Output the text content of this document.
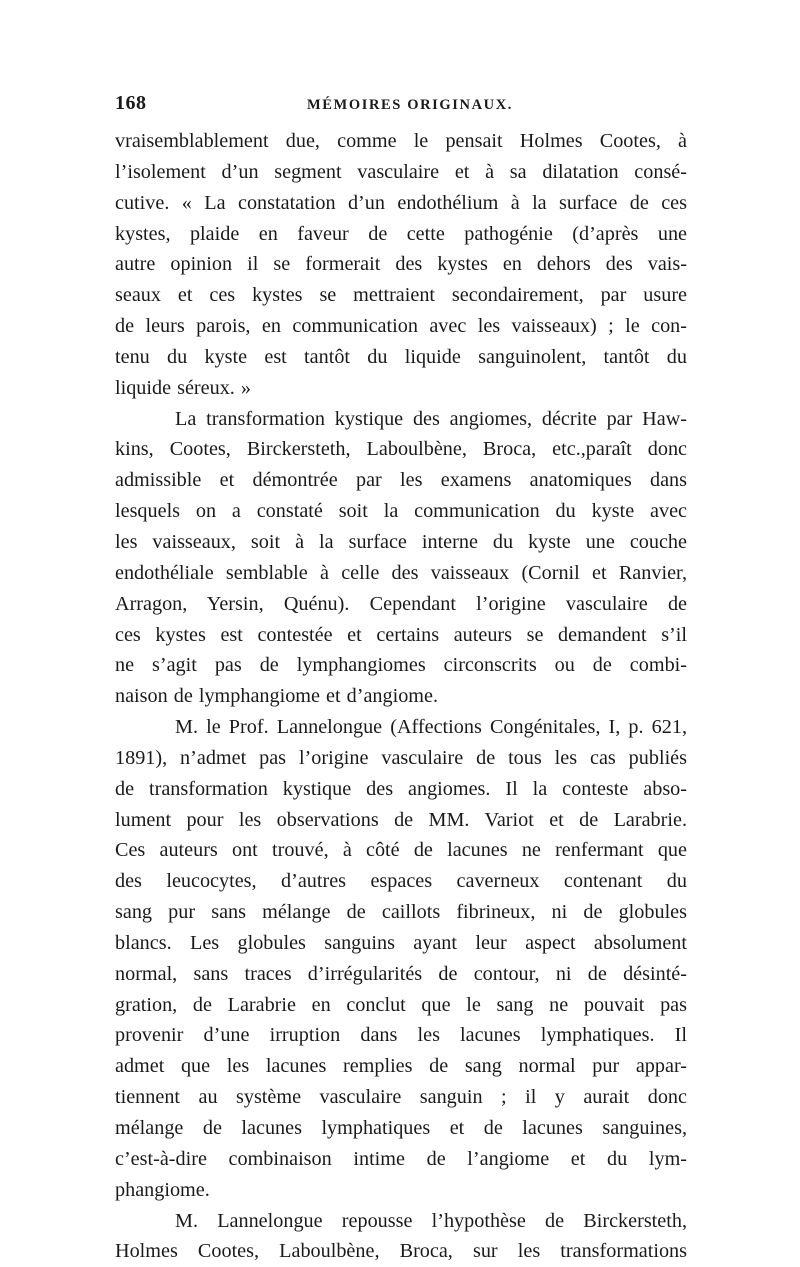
168	MÉMOIRES ORIGINAUX.

vraisemblablement due, comme le pensait Holmes Cootes, à

l’isolement d’un segment vasculaire et à sa dilatation consé-

cutive. « La constatation d’un endothélium à la surface de ces

kystes, plaide en faveur de cette pathogénie (d’après une

autre opinion il se formerait des kystes en dehors des vais-

seaux et ces kystes se mettraient secondairement, par usure

de leurs parois, en communication avec les vaisseaux) ; le con-

tenu du kyste est tantôt du liquide sanguinolent, tantôt du

liquide séreux. »

La transformation kystique des angiomes, décrite par Haw-

kins, Cootes, Birckersteth, Laboulbène, Broca, etc.,paraît donc

admissible et démontrée par les examens anatomiques dans

lesquels on a constaté soit la communication du kyste avec

les vaisseaux, soit à la surface interne du kyste une couche

endothéliale semblable à celle des vaisseaux (Cornil et Ranvier,

Arragon, Yersin, Quénu). Cependant l’origine vasculaire de

ces kystes est contestée et certains auteurs se demandent s’il

ne s’agit pas de lymphangiomes circonscrits ou de combi-

naison de lymphangiome et d’angiome.

M. le Prof. Lannelongue (Affections Congénitales, I, p. 621,

1891), n’admet pas l’origine vasculaire de tous les cas publiés

de transformation kystique des angiomes. Il la conteste abso-

lument pour les observations de MM. Variot et de Larabrie.

Ces auteurs ont trouvé, à côté de lacunes ne renfermant que

des leucocytes, d’autres espaces caverneux contenant du

sang pur sans mélange de caillots fibrineux, ni de globules

blancs. Les globules sanguins ayant leur aspect absolument

normal, sans traces d’irrégularités de contour, ni de désinté-

gration, de Larabrie en conclut que le sang ne pouvait pas

provenir d’une irruption dans les lacunes lymphatiques. Il

admet que les lacunes remplies de sang normal pur appar-

tiennent au système vasculaire sanguin ; il y aurait donc

mélange de lacunes lymphatiques et de lacunes sanguines,

c’est-à-dire combinaison intime de l’angiome et du lym-

phangiome.

M. Lannelongue repousse l’hypothèse de Birckersteth,

Holmes Cootes, Laboulbène, Broca, sur les transformations
